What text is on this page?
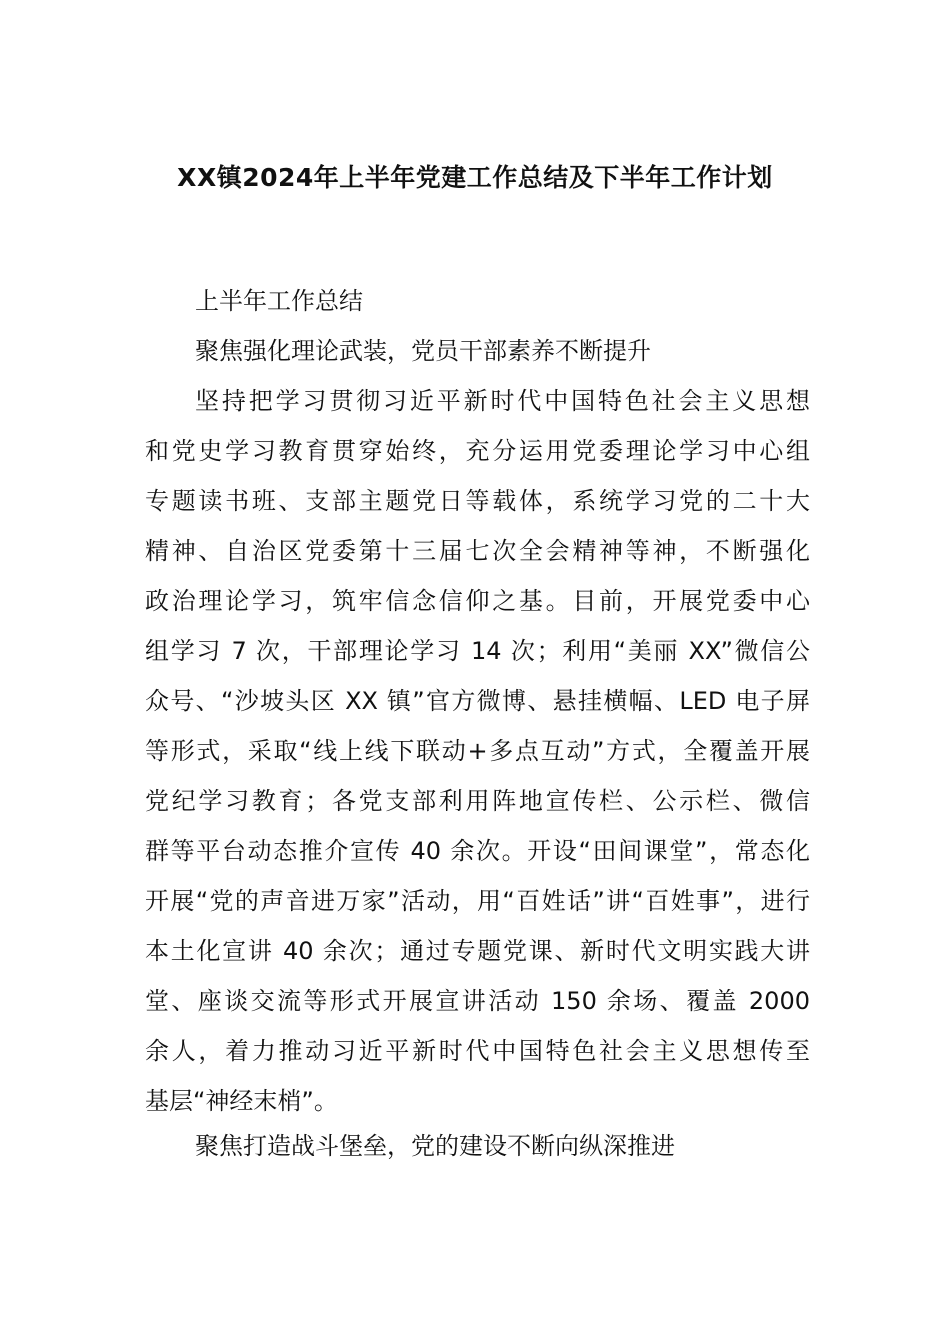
XX镇2024年上半年党建工作总结及下半年工作计划
上半年工作总结
聚焦强化理论武装，党员干部素养不断提升
坚持把学习贯彻习近平新时代中国特色社会主义思想
和党史学习教育贯穿始终，充分运用党委理论学习中心组
专题读书班、支部主题党日等载体，系统学习党的二十大
精神、自治区党委第十三届七次全会精神等神，不断强化
政治理论学习，筑牢信念信仰之基。目前，开展党委中心
组学习 7 次，干部理论学习 14 次；利用“美丽 XX”微信公
众号、“沙坡头区 XX 镇”官方微博、悬挂横幅、LED 电子屏
等形式，采取“线上线下联动+多点互动”方式，全覆盖开展
党纪学习教育；各党支部利用阵地宣传栏、公示栏、微信
群等平台动态推介宣传 40 余次。开设“田间课堂”，常态化
开展“党的声音进万家”活动，用“百姓话”讲“百姓事”，进行
本土化宣讲 40 余次；通过专题党课、新时代文明实践大讲
堂、座谈交流等形式开展宣讲活动 150 余场、覆盖 2000
余人，着力推动习近平新时代中国特色社会主义思想传至
基层“神经末梢”。
聚焦打造战斗堡垒，党的建设不断向纵深推进
